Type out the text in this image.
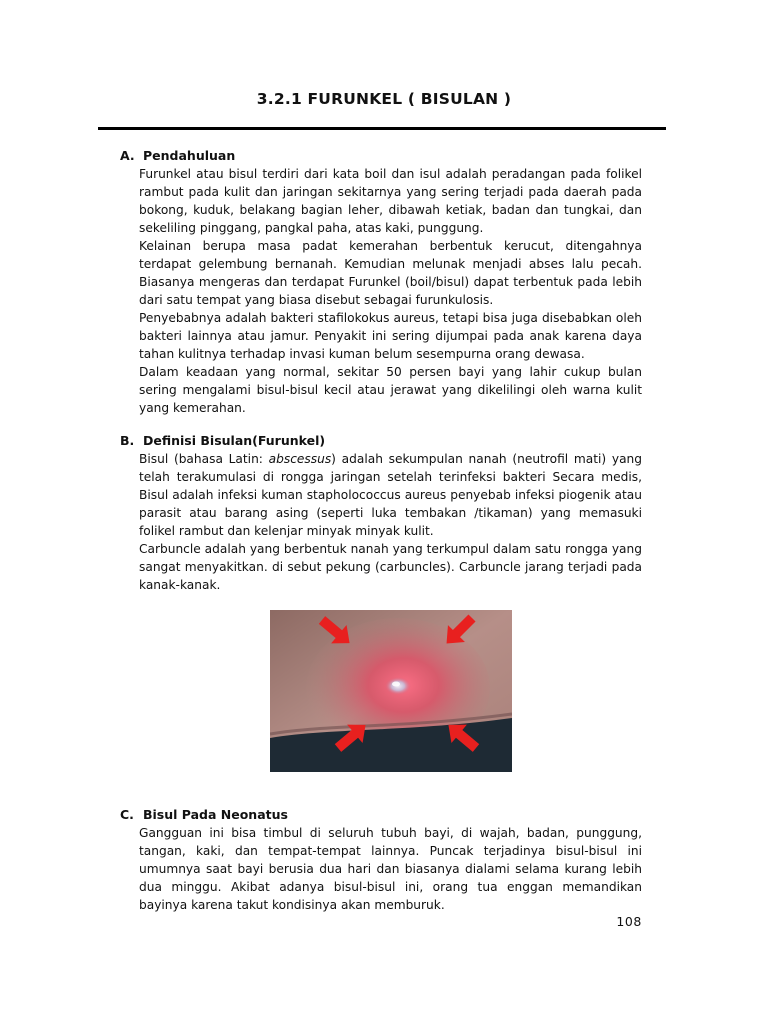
3.2.1 FURUNKEL ( BISULAN )
A. Pendahuluan

Furunkel atau bisul terdiri dari kata boil dan isul adalah peradangan pada folikel rambut pada kulit dan jaringan sekitarnya yang sering terjadi pada daerah pada bokong, kuduk, belakang bagian leher, dibawah ketiak, badan dan tungkai, dan sekeliling pinggang, pangkal paha, atas kaki, punggung.

Kelainan berupa masa padat kemerahan berbentuk kerucut, ditengahnya terdapat gelembung bernanah. Kemudian melunak menjadi abses lalu pecah. Biasanya mengeras dan terdapat Furunkel (boil/bisul) dapat terbentuk pada lebih dari satu tempat yang biasa disebut sebagai furunkulosis.

Penyebabnya adalah bakteri stafilokokus aureus, tetapi bisa juga disebabkan oleh bakteri lainnya atau jamur. Penyakit ini sering dijumpai pada anak karena daya tahan kulitnya terhadap invasi kuman belum sesempurna orang dewasa.

Dalam keadaan yang normal, sekitar 50 persen bayi yang lahir cukup bulan sering mengalami bisul-bisul kecil atau jerawat yang dikelilingi oleh warna kulit yang kemerahan.

B. Definisi Bisulan(Furunkel)

Bisul (bahasa Latin: abscessus) adalah sekumpulan nanah (neutrofil mati) yang telah terakumulasi di rongga jaringan setelah terinfeksi bakteri Secara medis, Bisul adalah infeksi kuman stapholococcus aureus penyebab infeksi piogenik atau parasit atau barang asing (seperti luka tembakan /tikaman) yang memasuki folikel rambut dan kelenjar minyak minyak kulit.

Carbuncle adalah yang berbentuk nanah yang terkumpul dalam satu rongga yang sangat menyakitkan. di sebut pekung (carbuncles). Carbuncle jarang terjadi pada kanak-kanak.

C. Bisul Pada Neonatus

Gangguan ini bisa timbul di seluruh tubuh bayi, di wajah, badan, punggung, tangan, kaki, dan tempat-tempat lainnya. Puncak terjadinya bisul-bisul ini umumnya saat bayi berusia dua hari dan biasanya dialami selama kurang lebih dua minggu. Akibat adanya bisul-bisul ini, orang tua enggan memandikan bayinya karena takut kondisinya akan memburuk.

108
